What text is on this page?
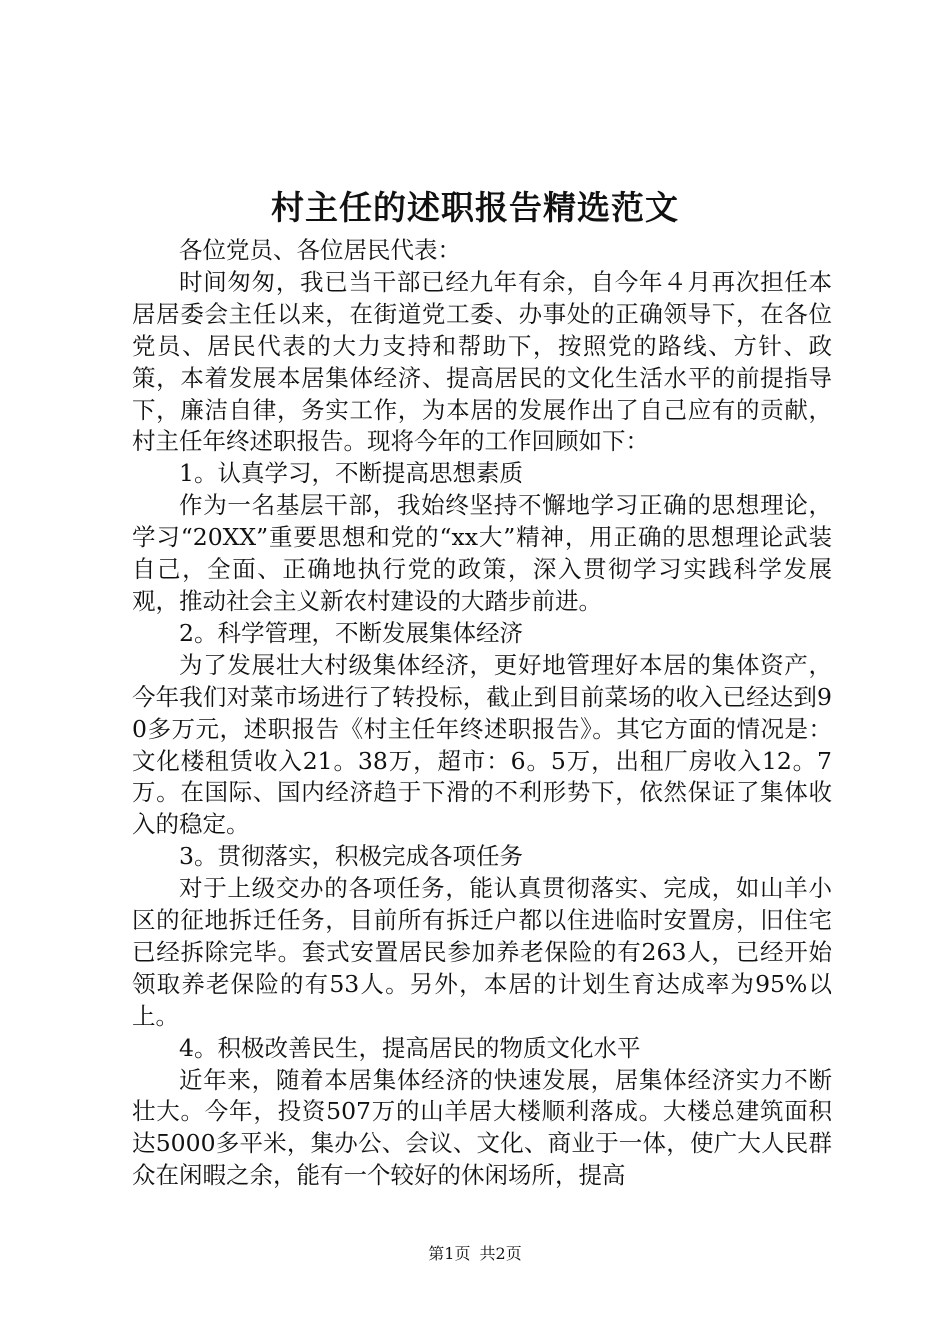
村主任的述职报告精选范文

各位党员、各位居民代表：

时间匆匆，我已当干部已经九年有余，自今年４月再次担任本居居委会主任以来，在街道党工委、办事处的正确领导下，在各位党员、居民代表的大力支持和帮助下，按照党的路线、方针、政策，本着发展本居集体经济、提高居民的文化生活水平的前提指导下，廉洁自律，务实工作，为本居的发展作出了自己应有的贡献，村主任年终述职报告。现将今年的工作回顾如下：

1。认真学习，不断提高思想素质

作为一名基层干部，我始终坚持不懈地学习正确的思想理论，学习“20XX”重要思想和党的“xx大”精神，用正确的思想理论武装自己，全面、正确地执行党的政策，深入贯彻学习实践科学发展观，推动社会主义新农村建设的大踏步前进。

2。科学管理，不断发展集体经济

为了发展壮大村级集体经济，更好地管理好本居的集体资产，今年我们对菜市场进行了转投标，截止到目前菜场的收入已经达到90多万元，述职报告《村主任年终述职报告》。其它方面的情况是：文化楼租赁收入21。38万，超市：6。5万，出租厂房收入12。7万。在国际、国内经济趋于下滑的不利形势下，依然保证了集体收入的稳定。

3。贯彻落实，积极完成各项任务

对于上级交办的各项任务，能认真贯彻落实、完成，如山羊小区的征地拆迁任务，目前所有拆迁户都以住进临时安置房，旧住宅已经拆除完毕。套式安置居民参加养老保险的有263人，已经开始领取养老保险的有53人。另外，本居的计划生育达成率为95%以上。

4。积极改善民生，提高居民的物质文化水平

近年来，随着本居集体经济的快速发展，居集体经济实力不断壮大。今年，投资507万的山羊居大楼顺利落成。大楼总建筑面积达5000多平米，集办公、会议、文化、商业于一体，使广大人民群众在闲暇之余，能有一个较好的休闲场所，提高

第1页 共2页
